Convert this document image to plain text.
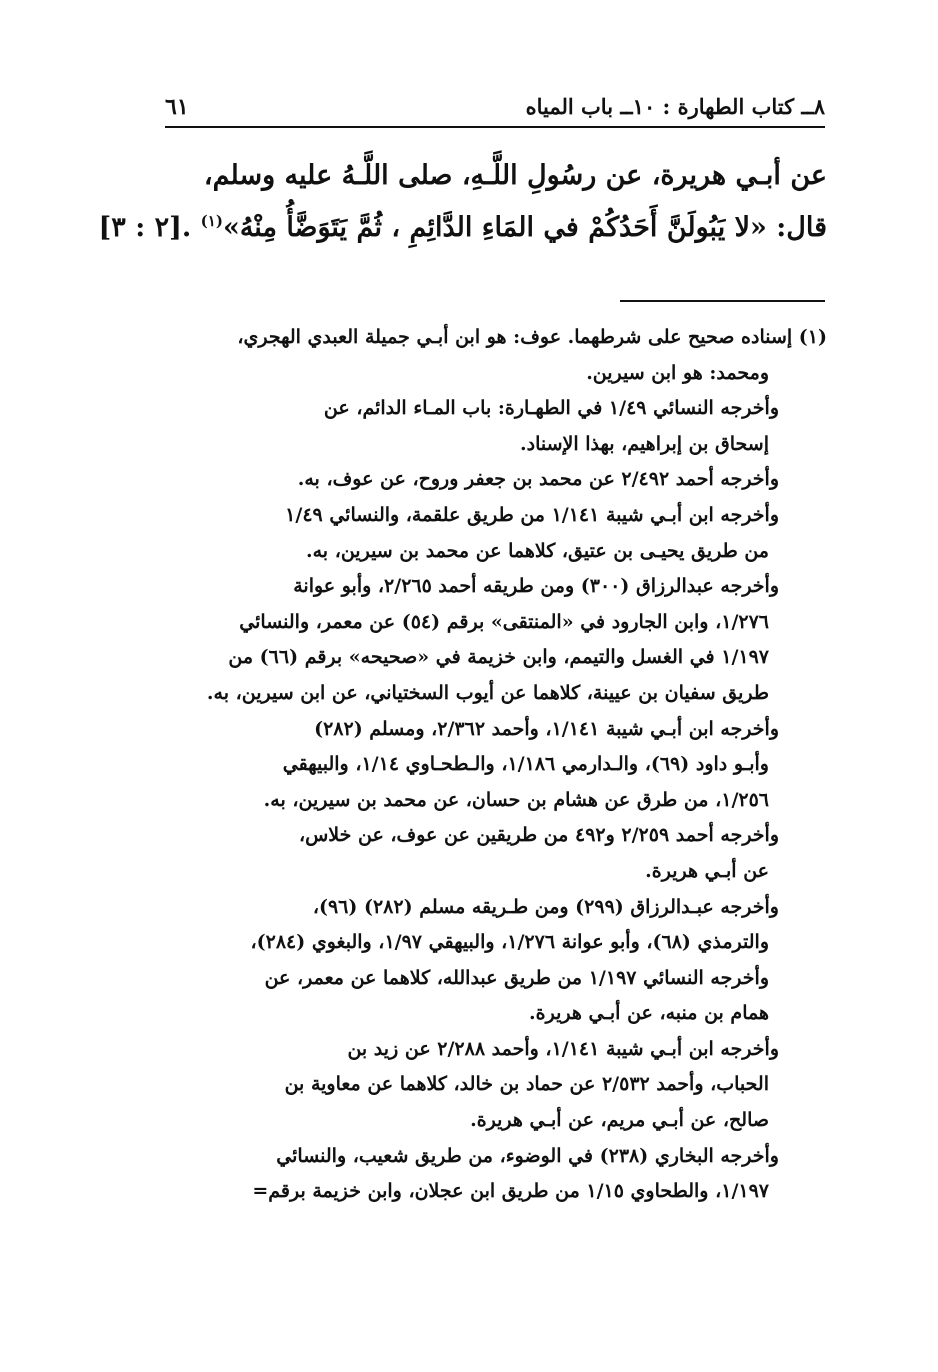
٨ــ كتاب الطهارة : ١٠ــ باب المياه
٦١
عن أبـي هريرة، عن رسُولِ اللَّـهِ، صلى اللَّـهُ عليه وسلم،
قال: «لا يَبُولَنَّ أَحَدُكُمْ في المَاءِ الدَّائِمِ ، ثُمَّ يَتَوَضَّأُ مِنْهُ»$^{(١)}$ .[٢ : ٣]
(١) إسناده صحيح على شرطهما. عوف: هو ابن أبـي جميلة العبدي الهجري،
ومحمد: هو ابن سيرين.
وأخرجه النسائي ١/٤٩ في الطهـارة: باب المـاء الدائم، عن
إسحاق بن إبراهيم، بهذا الإسناد.
وأخرجه أحمد ٢/٤٩٢ عن محمد بن جعفر وروح، عن عوف، به.
وأخرجه ابن أبـي شيبة ١/١٤١ من طريق علقمة، والنسائي ١/٤٩
من طريق يحيـى بن عتيق، كلاهما عن محمد بن سيرين، به.
وأخرجه عبدالرزاق (٣٠٠) ومن طريقه أحمد ٢/٢٦٥، وأبو عوانة
١/٢٧٦، وابن الجارود في «المنتقى» برقم (٥٤) عن معمر، والنسائي
١/١٩٧ في الغسل والتيمم، وابن خزيمة في «صحيحه» برقم (٦٦) من
طريق سفيان بن عيينة، كلاهما عن أيوب السختياني، عن ابن سيرين، به.
وأخرجه ابن أبـي شيبة ١/١٤١، وأحمد ٢/٣٦٢، ومسلم (٢٨٢)
وأبـو داود (٦٩)، والـدارمي ١/١٨٦، والـطحـاوي ١/١٤، والبيهقي
١/٢٥٦، من طرق عن هشام بن حسان، عن محمد بن سيرين، به.
وأخرجه أحمد ٢/٢٥٩ و٤٩٢ من طريقين عن عوف، عن خلاس،
عن أبـي هريرة.
وأخرجه عبـدالرزاق (٢٩٩) ومن طـريقه مسلم (٢٨٢) (٩٦)،
والترمذي (٦٨)، وأبو عوانة ١/٢٧٦، والبيهقي ١/٩٧، والبغوي (٢٨٤)،
وأخرجه النسائي ١/١٩٧ من طريق عبدالله، كلاهما عن معمر، عن
همام بن منبه، عن أبـي هريرة.
وأخرجه ابن أبـي شيبة ١/١٤١، وأحمد ٢/٢٨٨ عن زيد بن
الحباب، وأحمد ٢/٥٣٢ عن حماد بن خالد، كلاهما عن معاوية بن
صالح، عن أبـي مريم، عن أبـي هريرة.
وأخرجه البخاري (٢٣٨) في الوضوء، من طريق شعيب، والنسائي
١/١٩٧، والطحاوي ١/١٥ من طريق ابن عجلان، وابن خزيمة برقم=
